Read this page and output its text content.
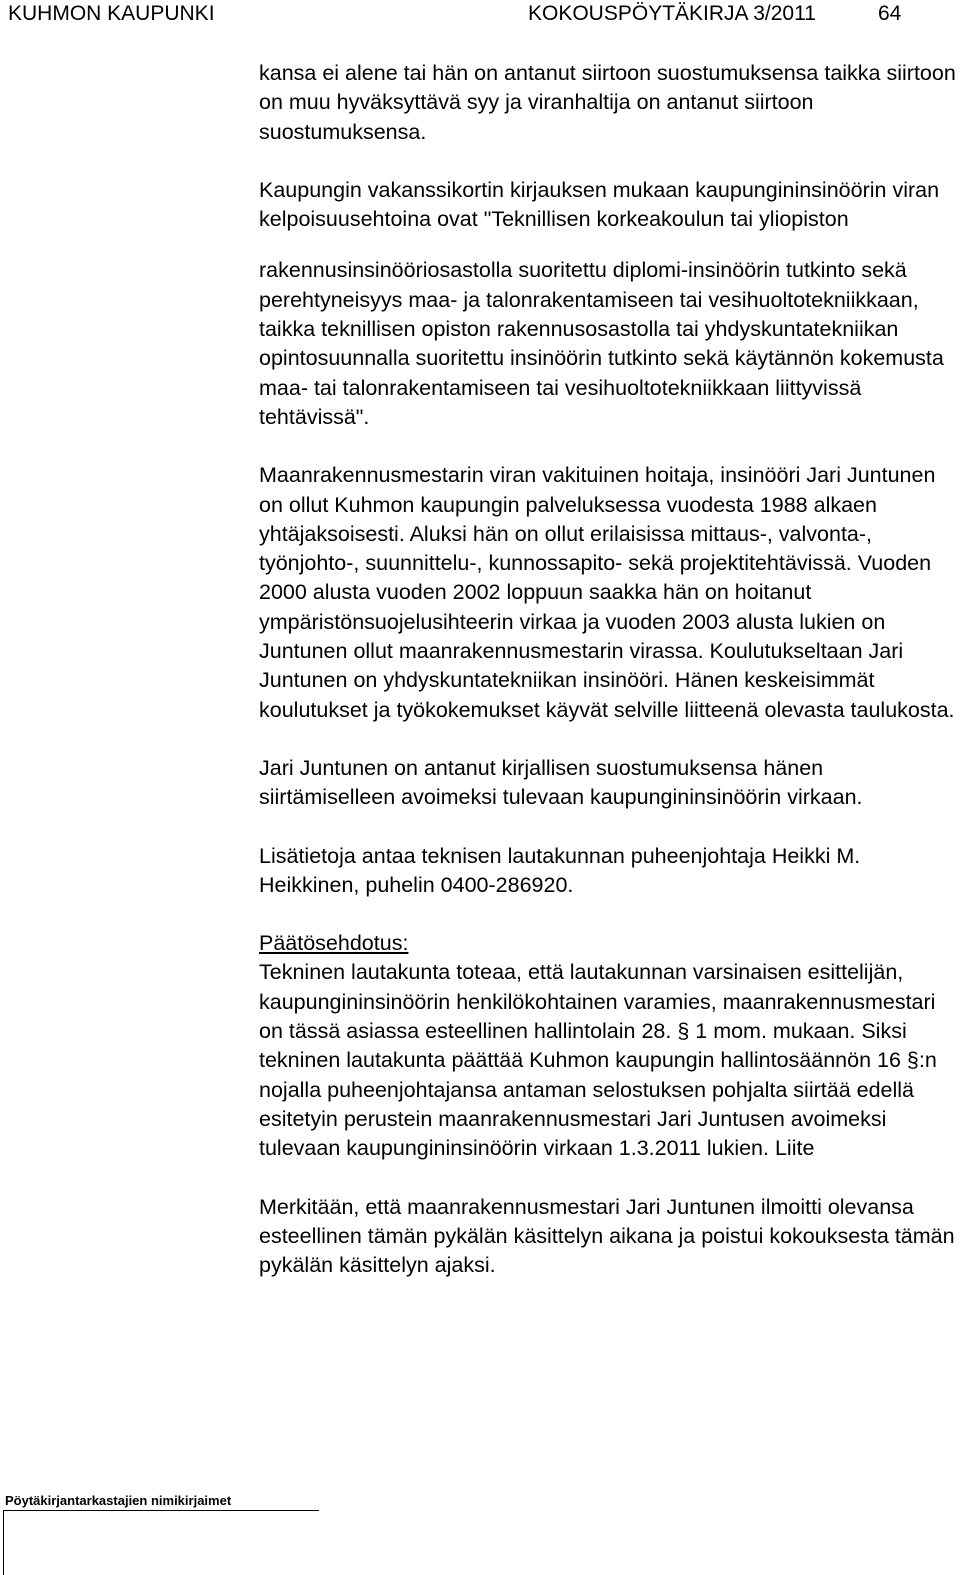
KUHMON KAUPUNKI	KOKOUSPÖYTÄKIRJA 3/2011	64

kansa ei alene tai hän on antanut siirtoon suostumuksensa taikka siirtoon on muu hyväksyttävä syy ja viranhaltija on antanut siirtoon suostumuksensa.

Kaupungin vakanssikortin kirjauksen mukaan kaupungininsinöörin viran kelpoisuusehtoina ovat "Teknillisen korkeakoulun tai yliopiston

rakennusinsinööriosastolla suoritettu diplomi-insinöörin tutkinto sekä perehtyneisyys maa- ja talonrakentamiseen tai vesihuoltotekniikkaan, taikka teknillisen opiston rakennusosastolla tai yhdyskuntatekniikan opintosuunnalla suoritettu insinöörin tutkinto sekä käytännön kokemusta maa- tai talonrakentamiseen tai vesihuoltotekniikkaan liittyvissä tehtävissä".

Maanrakennusmestarin viran vakituinen hoitaja, insinööri Jari Juntunen on ollut Kuhmon kaupungin palveluksessa vuodesta 1988 alkaen yhtäjaksoisesti. Aluksi hän on ollut erilaisissa mittaus-, valvonta-, työnjohto-, suunnittelu-, kunnossapito- sekä projektitehtävissä. Vuoden 2000 alusta vuoden 2002 loppuun saakka hän on hoitanut ympäristönsuojelusihteerin virkaa ja vuoden 2003 alusta lukien on Juntunen ollut maanrakennusmestarin virassa. Koulutukseltaan Jari Juntunen on yhdyskuntatekniikan insinööri. Hänen keskeisimmät koulutukset ja työkokemukset käyvät selville liitteenä olevasta taulukosta.

Jari Juntunen on antanut kirjallisen suostumuksensa hänen siirtämiselleen avoimeksi tulevaan kaupungininsinöörin virkaan.

Lisätietoja antaa teknisen lautakunnan puheenjohtaja Heikki M. Heikkinen, puhelin 0400-286920.

Päätösehdotus:

Tekninen lautakunta toteaa, että lautakunnan varsinaisen esittelijän, kaupungininsinöörin henkilökohtainen varamies, maanrakennusmestari on tässä asiassa esteellinen hallintolain 28. § 1 mom. mukaan. Siksi tekninen lautakunta päättää Kuhmon kaupungin hallintosäännön 16 §:n nojalla puheenjohtajansa antaman selostuksen pohjalta siirtää edellä esitetyin perustein maanrakennusmestari Jari Juntusen avoimeksi tulevaan kaupungininsinöörin virkaan 1.3.2011 lukien. Liite

Merkitään, että maanrakennusmestari Jari Juntunen ilmoitti olevansa esteellinen tämän pykälän käsittelyn aikana ja poistui kokouksesta tämän pykälän käsittelyn ajaksi.

Pöytäkirjantarkastajien nimikirjaimet
